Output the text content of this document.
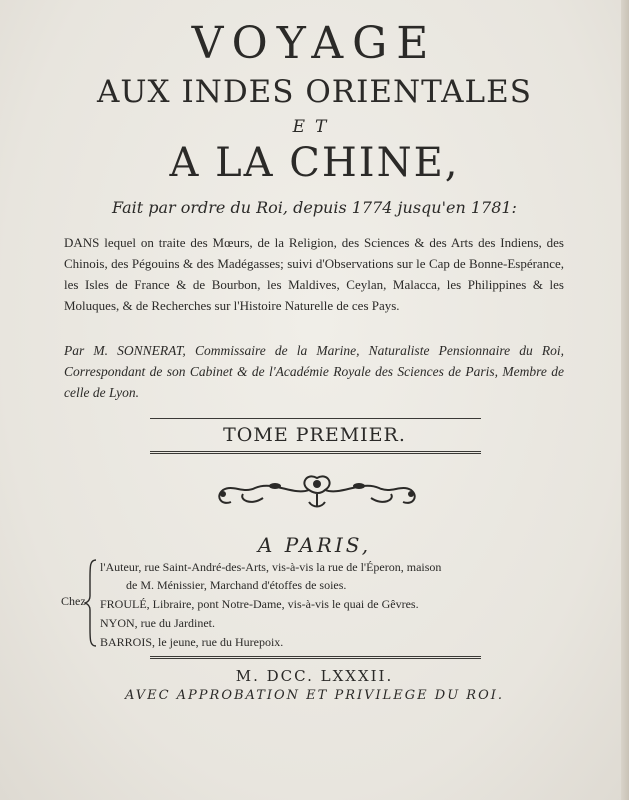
VOYAGE
AUX INDES ORIENTALES
ET
A LA CHINE,
Fait par ordre du Roi, depuis 1774 jusqu'en 1781:
DANS lequel on traite des Mœurs, de la Religion, des Sciences & des Arts des Indiens, des Chinois, des Pégouins & des Madégasses; suivi d'Observations sur le Cap de Bonne-Espérance, les Isles de France & de Bourbon, les Maldives, Ceylan, Malacca, les Philippines & les Moluques, & de Recherches sur l'Histoire Naturelle de ces Pays.
Par M. SONNERAT, Commissaire de la Marine, Naturaliste Pensionnaire du Roi, Correspondant de son Cabinet & de l'Académie Royale des Sciences de Paris, Membre de celle de Lyon.
TOME PREMIER.
A PARIS,
Chez
l'Auteur, rue Saint-André-des-Arts, vis-à-vis la rue de l'Éperon, maison
de M. Ménissier, Marchand d'étoffes de soies.
FROULÉ, Libraire, pont Notre-Dame, vis-à-vis le quai de Gêvres.
NYON, rue du Jardinet.
BARROIS, le jeune, rue du Hurepoix.
M. DCC. LXXXII.
AVEC APPROBATION ET PRIVILEGE DU ROI.
